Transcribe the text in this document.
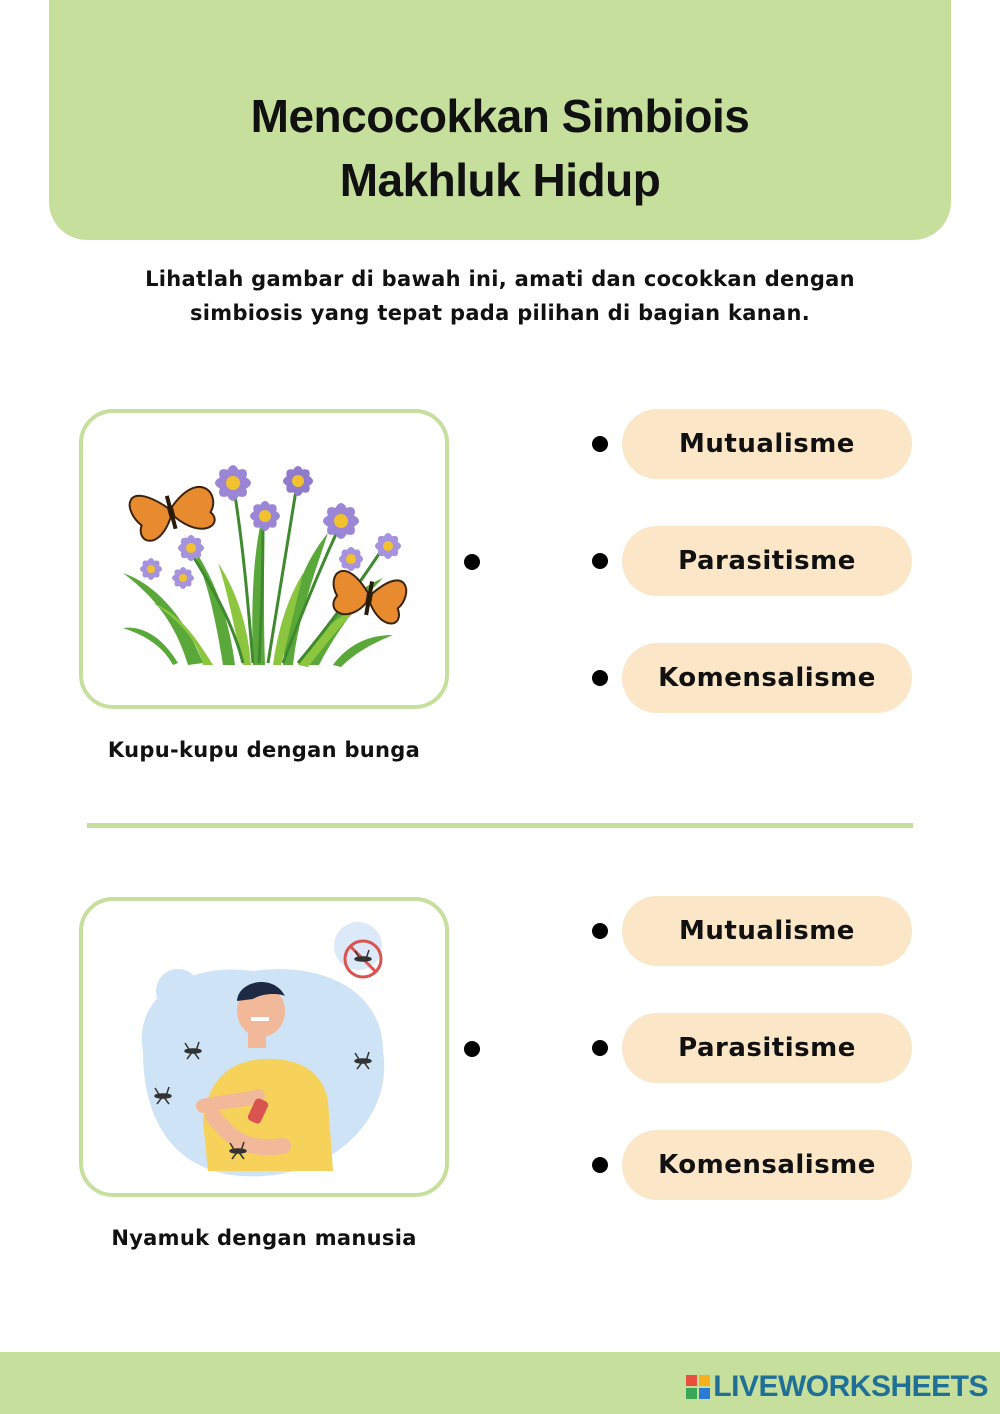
Mencocokkan Simbiois
Makhluk Hidup
Lihatlah gambar di bawah ini, amati dan cocokkan dengan
simbiosis yang tepat pada pilihan di bagian kanan.
Kupu-kupu dengan bunga
Mutualisme
Parasitisme
Komensalisme
Nyamuk dengan manusia
Mutualisme
Parasitisme
Komensalisme
LIVEWORKSHEETS
